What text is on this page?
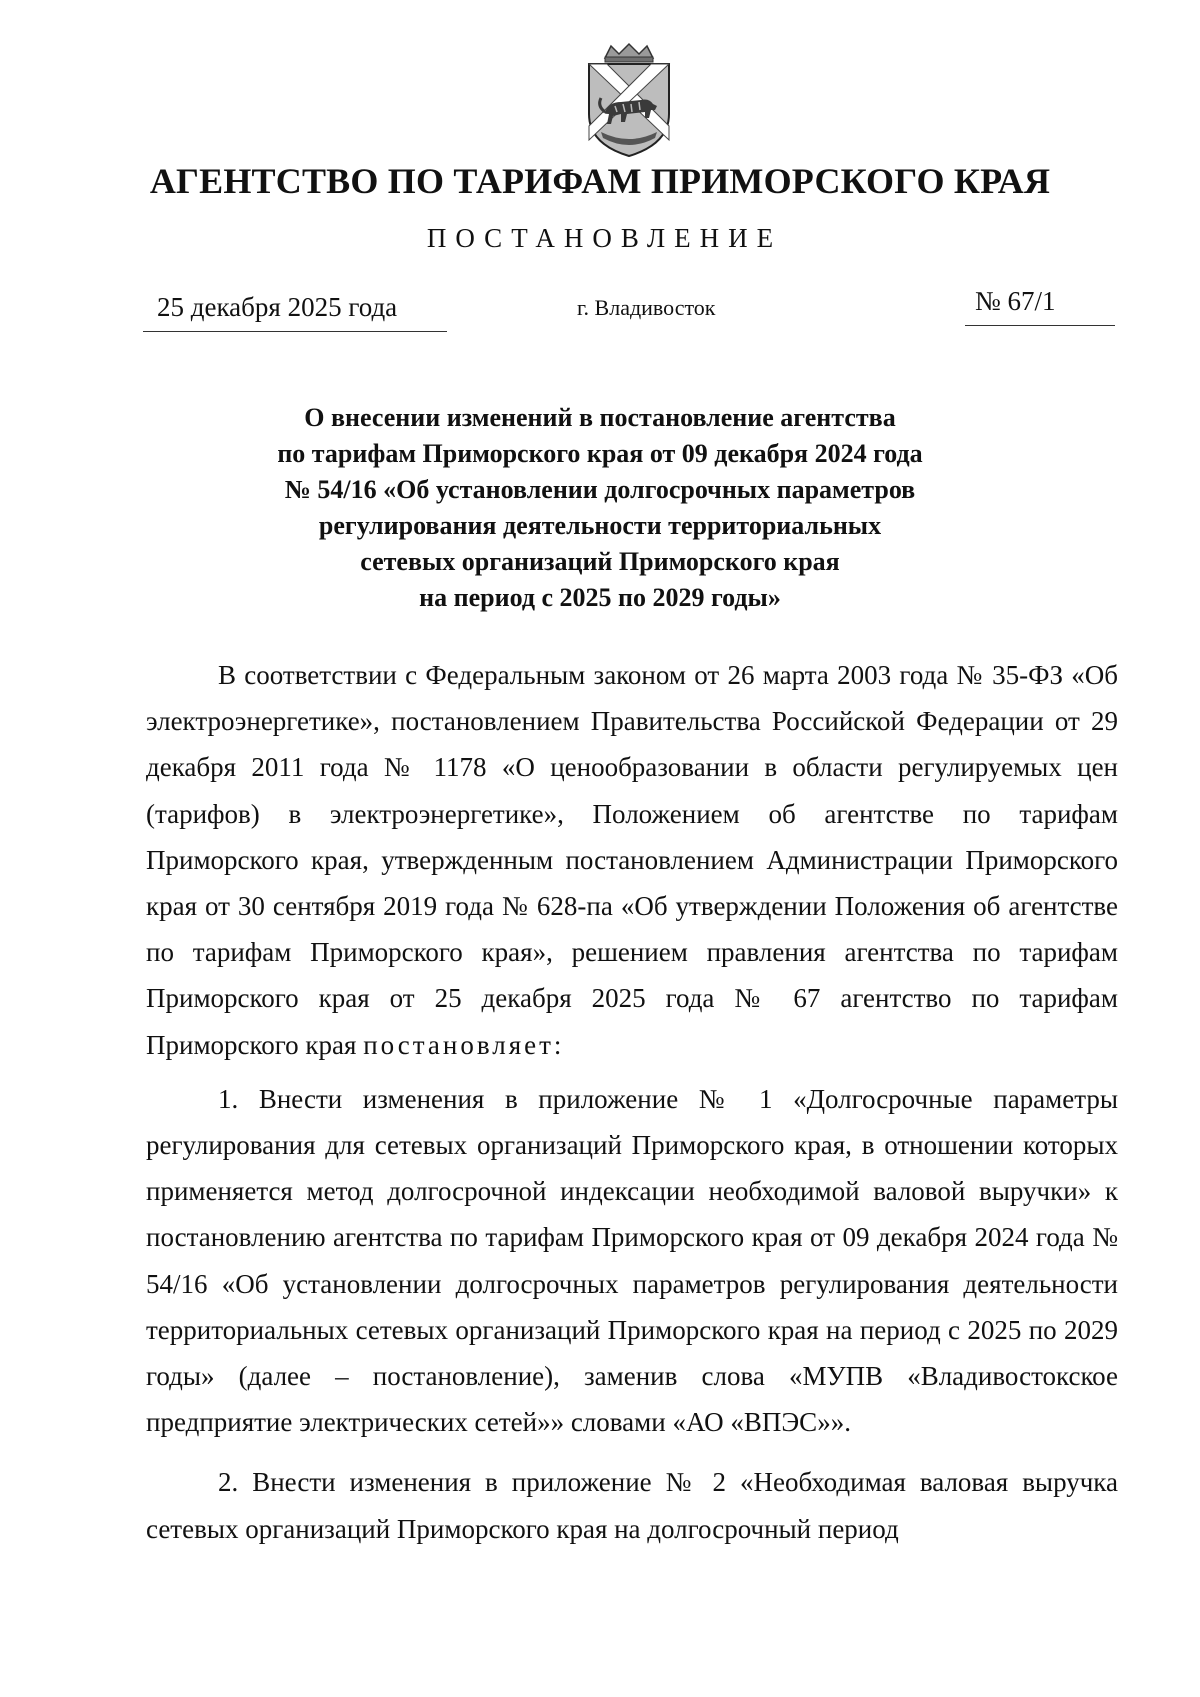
АГЕНТСТВО ПО ТАРИФАМ ПРИМОРСКОГО КРАЯ
ПОСТАНОВЛЕНИЕ
25 декабря 2025 года	г. Владивосток	№ 67/1
О внесении изменений в постановление агентства
по тарифам Приморского края от 09 декабря 2024 года
№ 54/16 «Об установлении долгосрочных параметров
регулирования деятельности территориальных
сетевых организаций Приморского края
на период с 2025 по 2029 годы»

В соответствии с Федеральным законом от 26 марта 2003 года № 35-ФЗ «Об электроэнергетике», постановлением Правительства Российской Федерации от 29 декабря 2011 года № 1178 «О ценообразовании в области регулируемых цен (тарифов) в электроэнергетике», Положением об агентстве по тарифам Приморского края, утвержденным постановлением Администрации Приморского края от 30 сентября 2019 года № 628-па «Об утверждении Положения об агентстве по тарифам Приморского края», решением правления агентства по тарифам Приморского края от 25 декабря 2025 года № 67 агентство по тарифам Приморского края постановляет:

1. Внести изменения в приложение № 1 «Долгосрочные параметры регулирования для сетевых организаций Приморского края, в отношении которых применяется метод долгосрочной индексации необходимой валовой выручки» к постановлению агентства по тарифам Приморского края от 09 декабря 2024 года № 54/16 «Об установлении долгосрочных параметров регулирования деятельности территориальных сетевых организаций Приморского края на период с 2025 по 2029 годы» (далее – постановление), заменив слова «МУПВ «Владивостокское предприятие электрических сетей»» словами «АО «ВПЭС»».

2. Внести изменения в приложение № 2 «Необходимая валовая выручка сетевых организаций Приморского края на долгосрочный период
